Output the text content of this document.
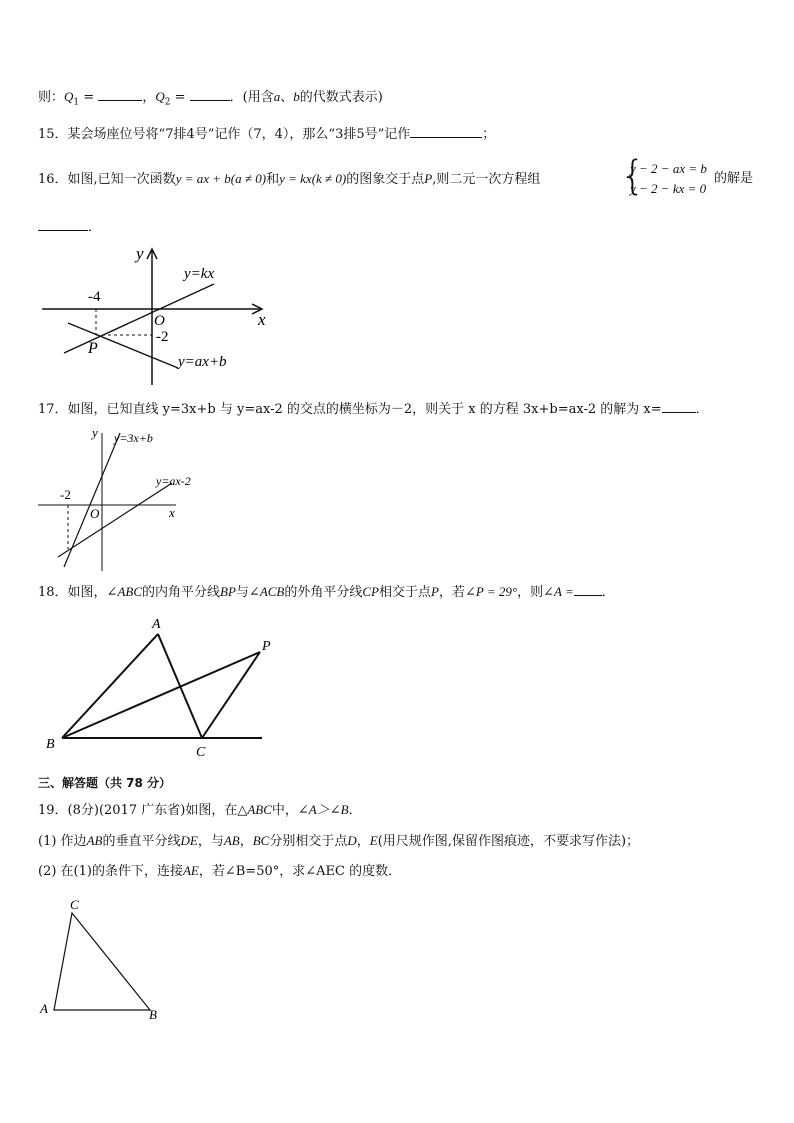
则：$Q_1$ =	，$Q_2$ =	．(用含a、b的代数式表示)
15．某会场座位号将“7排4号”记作（7，4），那么“3排5号”记作	；
16．如图,已知一次函数y = ax + b(a ≠ 0)和y = kx(k ≠ 0)的图象交于点P,则二元一次方程组 {
y − 2 − ax = b
y − 2 − kx = 0
的解是
．
y
x
O
-4
-2
P
y=kx
y=ax+b
17．如图，已知直线 y=3x+b 与 y=ax-2 的交点的横坐标为－2，则关于 x 的方程 3x+b=ax-2 的解为 x=	．
y
x
O
-2
y=3x+b
y=ax-2
18．如图，∠ABC的内角平分线BP与∠ACB的外角平分线CP相交于点P，若∠P = 29°，则∠A = ．
A
B
C
P
三、解答题（共 78 分）
19．(8分)(2017 广东省)如图，在△ABC中，∠A＞∠B．
(1) 作边AB的垂直平分线DE，与AB，BC分别相交于点D，E(用尺规作图,保留作图痕迹，不要求写作法)；
(2) 在(1)的条件下，连接AE，若∠B=50°，求∠AEC 的度数．
A	B
C
